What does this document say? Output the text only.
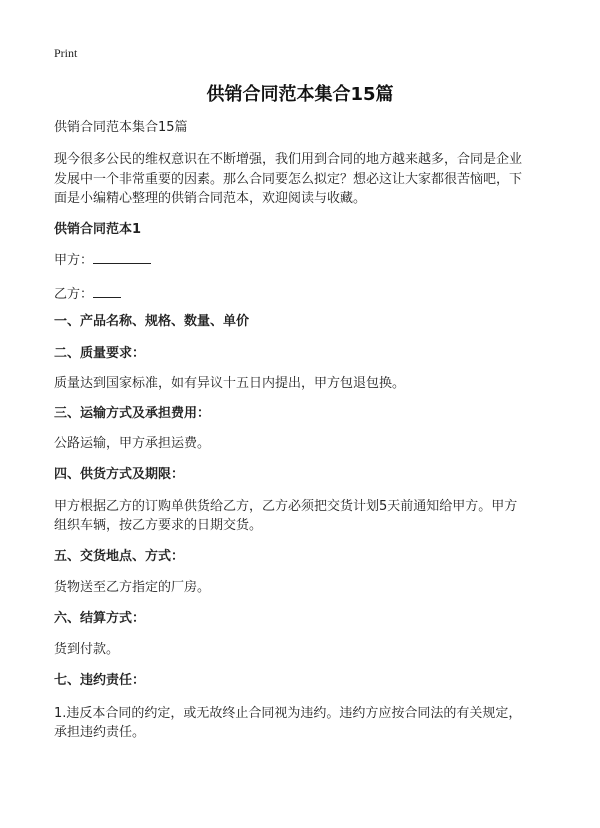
Print
供销合同范本集合15篇
供销合同范本集合15篇
现今很多公民的维权意识在不断增强，我们用到合同的地方越来越多，合同是企业
发展中一个非常重要的因素。那么合同要怎么拟定？想必这让大家都很苦恼吧，下
面是小编精心整理的供销合同范本，欢迎阅读与收藏。
供销合同范本1
甲方：
乙方：
一、产品名称、规格、数量、单价
二、质量要求：
质量达到国家标准，如有异议十五日内提出，甲方包退包换。
三、运输方式及承担费用：
公路运输，甲方承担运费。
四、供货方式及期限：
甲方根据乙方的订购单供货给乙方，乙方必须把交货计划5天前通知给甲方。甲方
组织车辆，按乙方要求的日期交货。
五、交货地点、方式：
货物送至乙方指定的厂房。
六、结算方式：
货到付款。
七、违约责任：
1.违反本合同的约定，或无故终止合同视为违约。违约方应按合同法的有关规定，
承担违约责任。
